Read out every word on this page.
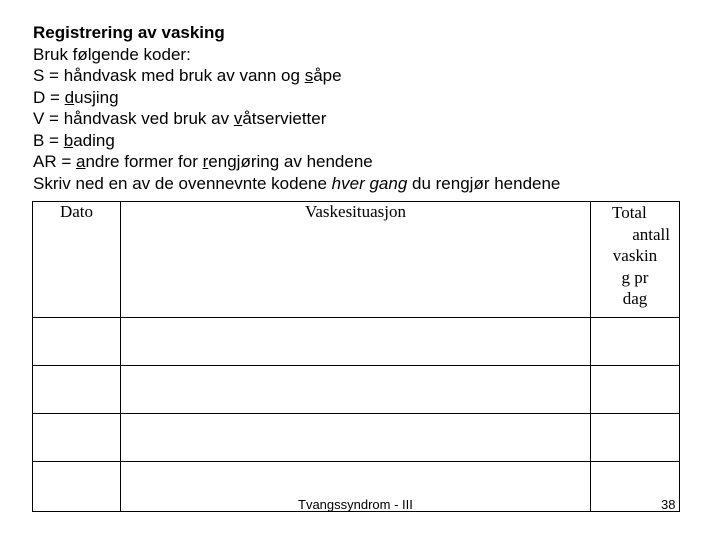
Registrering av vasking
Bruk følgende koder:
S = håndvask med bruk av vann og såpe
D = dusjing
V = håndvask ved bruk av våtservietter
B = bading
AR = andre former for rengjøring av hendene
Skriv ned en av de ovennevnte kodene hver gang du rengjør hendene
Dato	Vaskesituasjon	Total
antall
vaskin
g pr
dag

Tvangssyndrom - III	38
